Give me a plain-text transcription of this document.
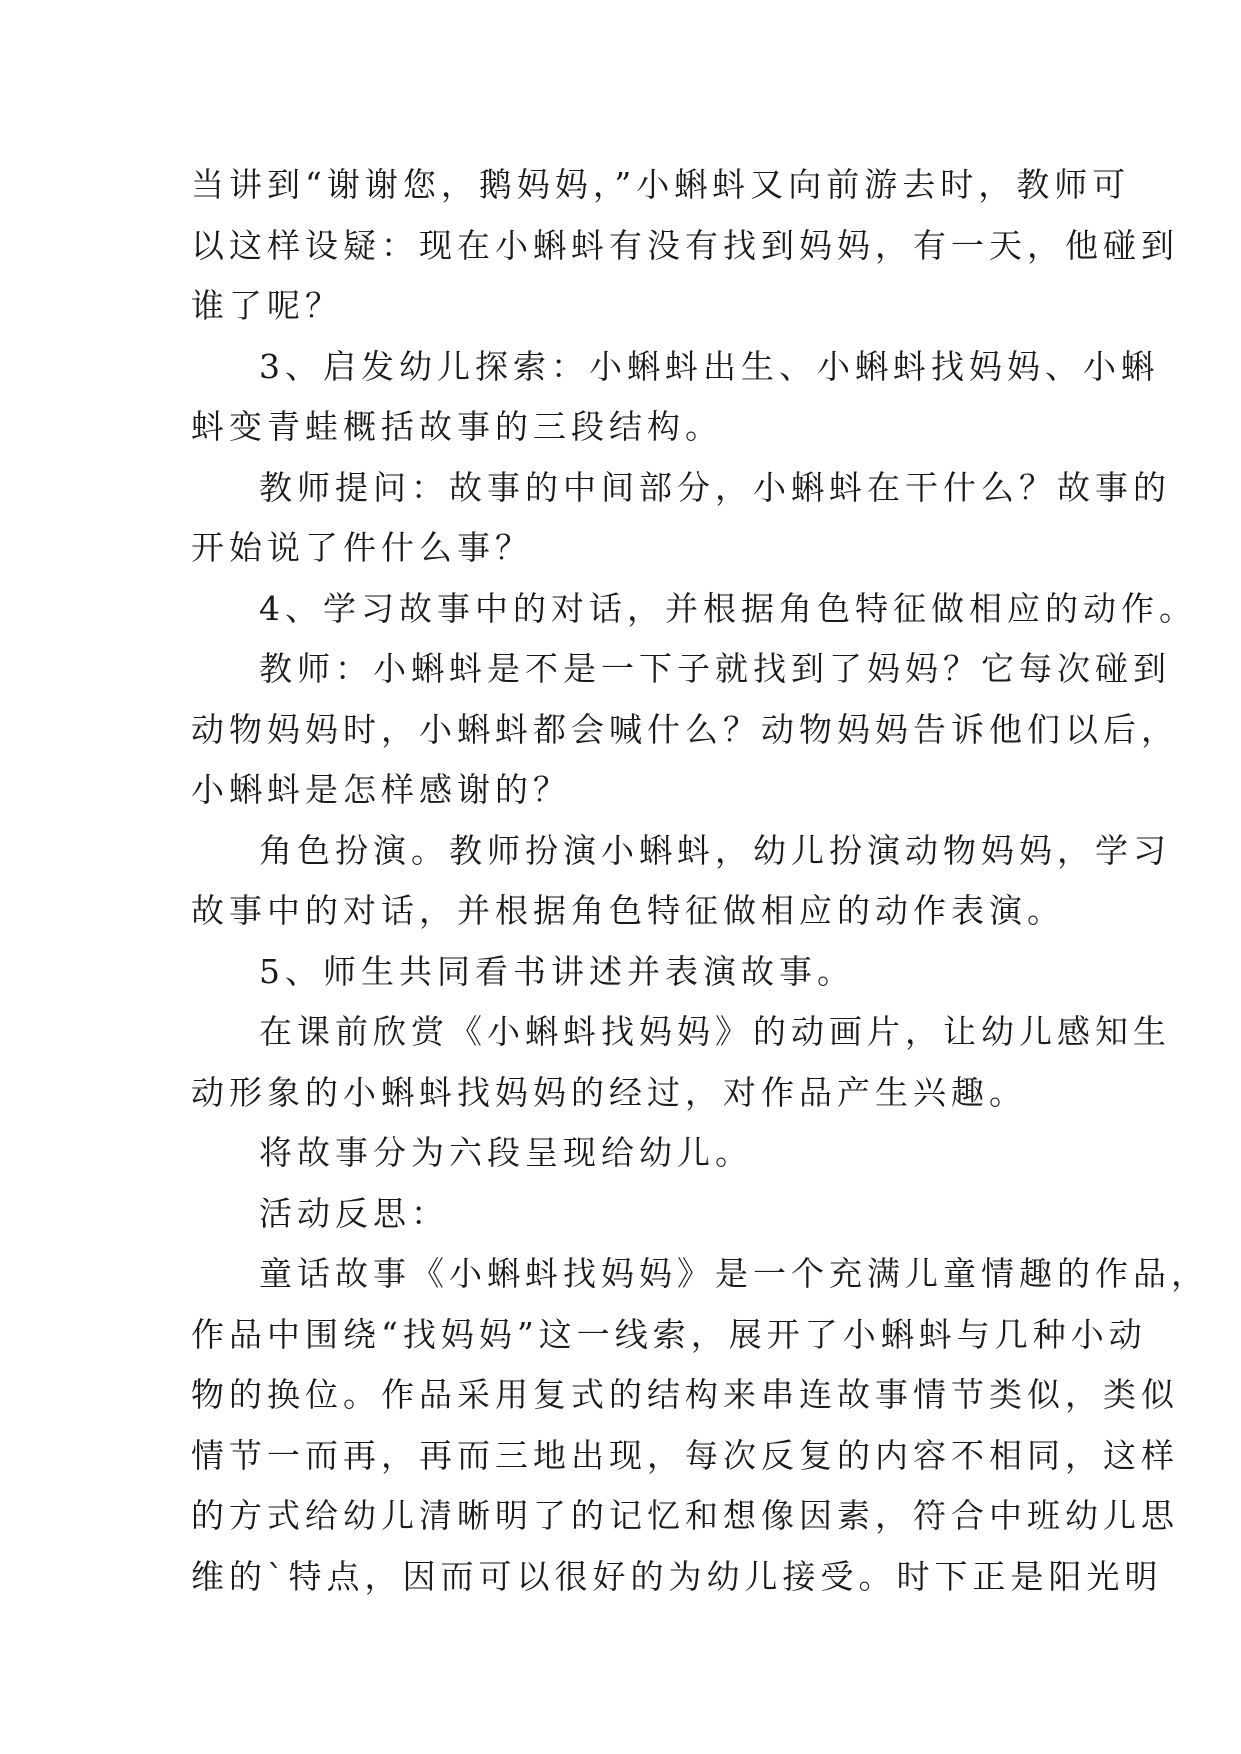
当讲到“谢谢您，鹅妈妈，”小蝌蚪又向前游去时，教师可
以这样设疑：现在小蝌蚪有没有找到妈妈，有一天，他碰到
谁了呢？
3、启发幼儿探索：小蝌蚪出生、小蝌蚪找妈妈、小蝌
蚪变青蛙概括故事的三段结构。
教师提问：故事的中间部分，小蝌蚪在干什么？故事的
开始说了件什么事？
4、学习故事中的对话，并根据角色特征做相应的动作。
教师：小蝌蚪是不是一下子就找到了妈妈？它每次碰到
动物妈妈时，小蝌蚪都会喊什么？动物妈妈告诉他们以后，
小蝌蚪是怎样感谢的？
角色扮演。教师扮演小蝌蚪，幼儿扮演动物妈妈，学习
故事中的对话，并根据角色特征做相应的动作表演。
5、师生共同看书讲述并表演故事。
在课前欣赏《小蝌蚪找妈妈》的动画片，让幼儿感知生
动形象的小蝌蚪找妈妈的经过，对作品产生兴趣。
将故事分为六段呈现给幼儿。
活动反思：
童话故事《小蝌蚪找妈妈》是一个充满儿童情趣的作品，
作品中围绕“找妈妈”这一线索，展开了小蝌蚪与几种小动
物的换位。作品采用复式的结构来串连故事情节类似，类似
情节一而再，再而三地出现，每次反复的内容不相同，这样
的方式给幼儿清晰明了的记忆和想像因素，符合中班幼儿思
维的`特点，因而可以很好的为幼儿接受。时下正是阳光明
